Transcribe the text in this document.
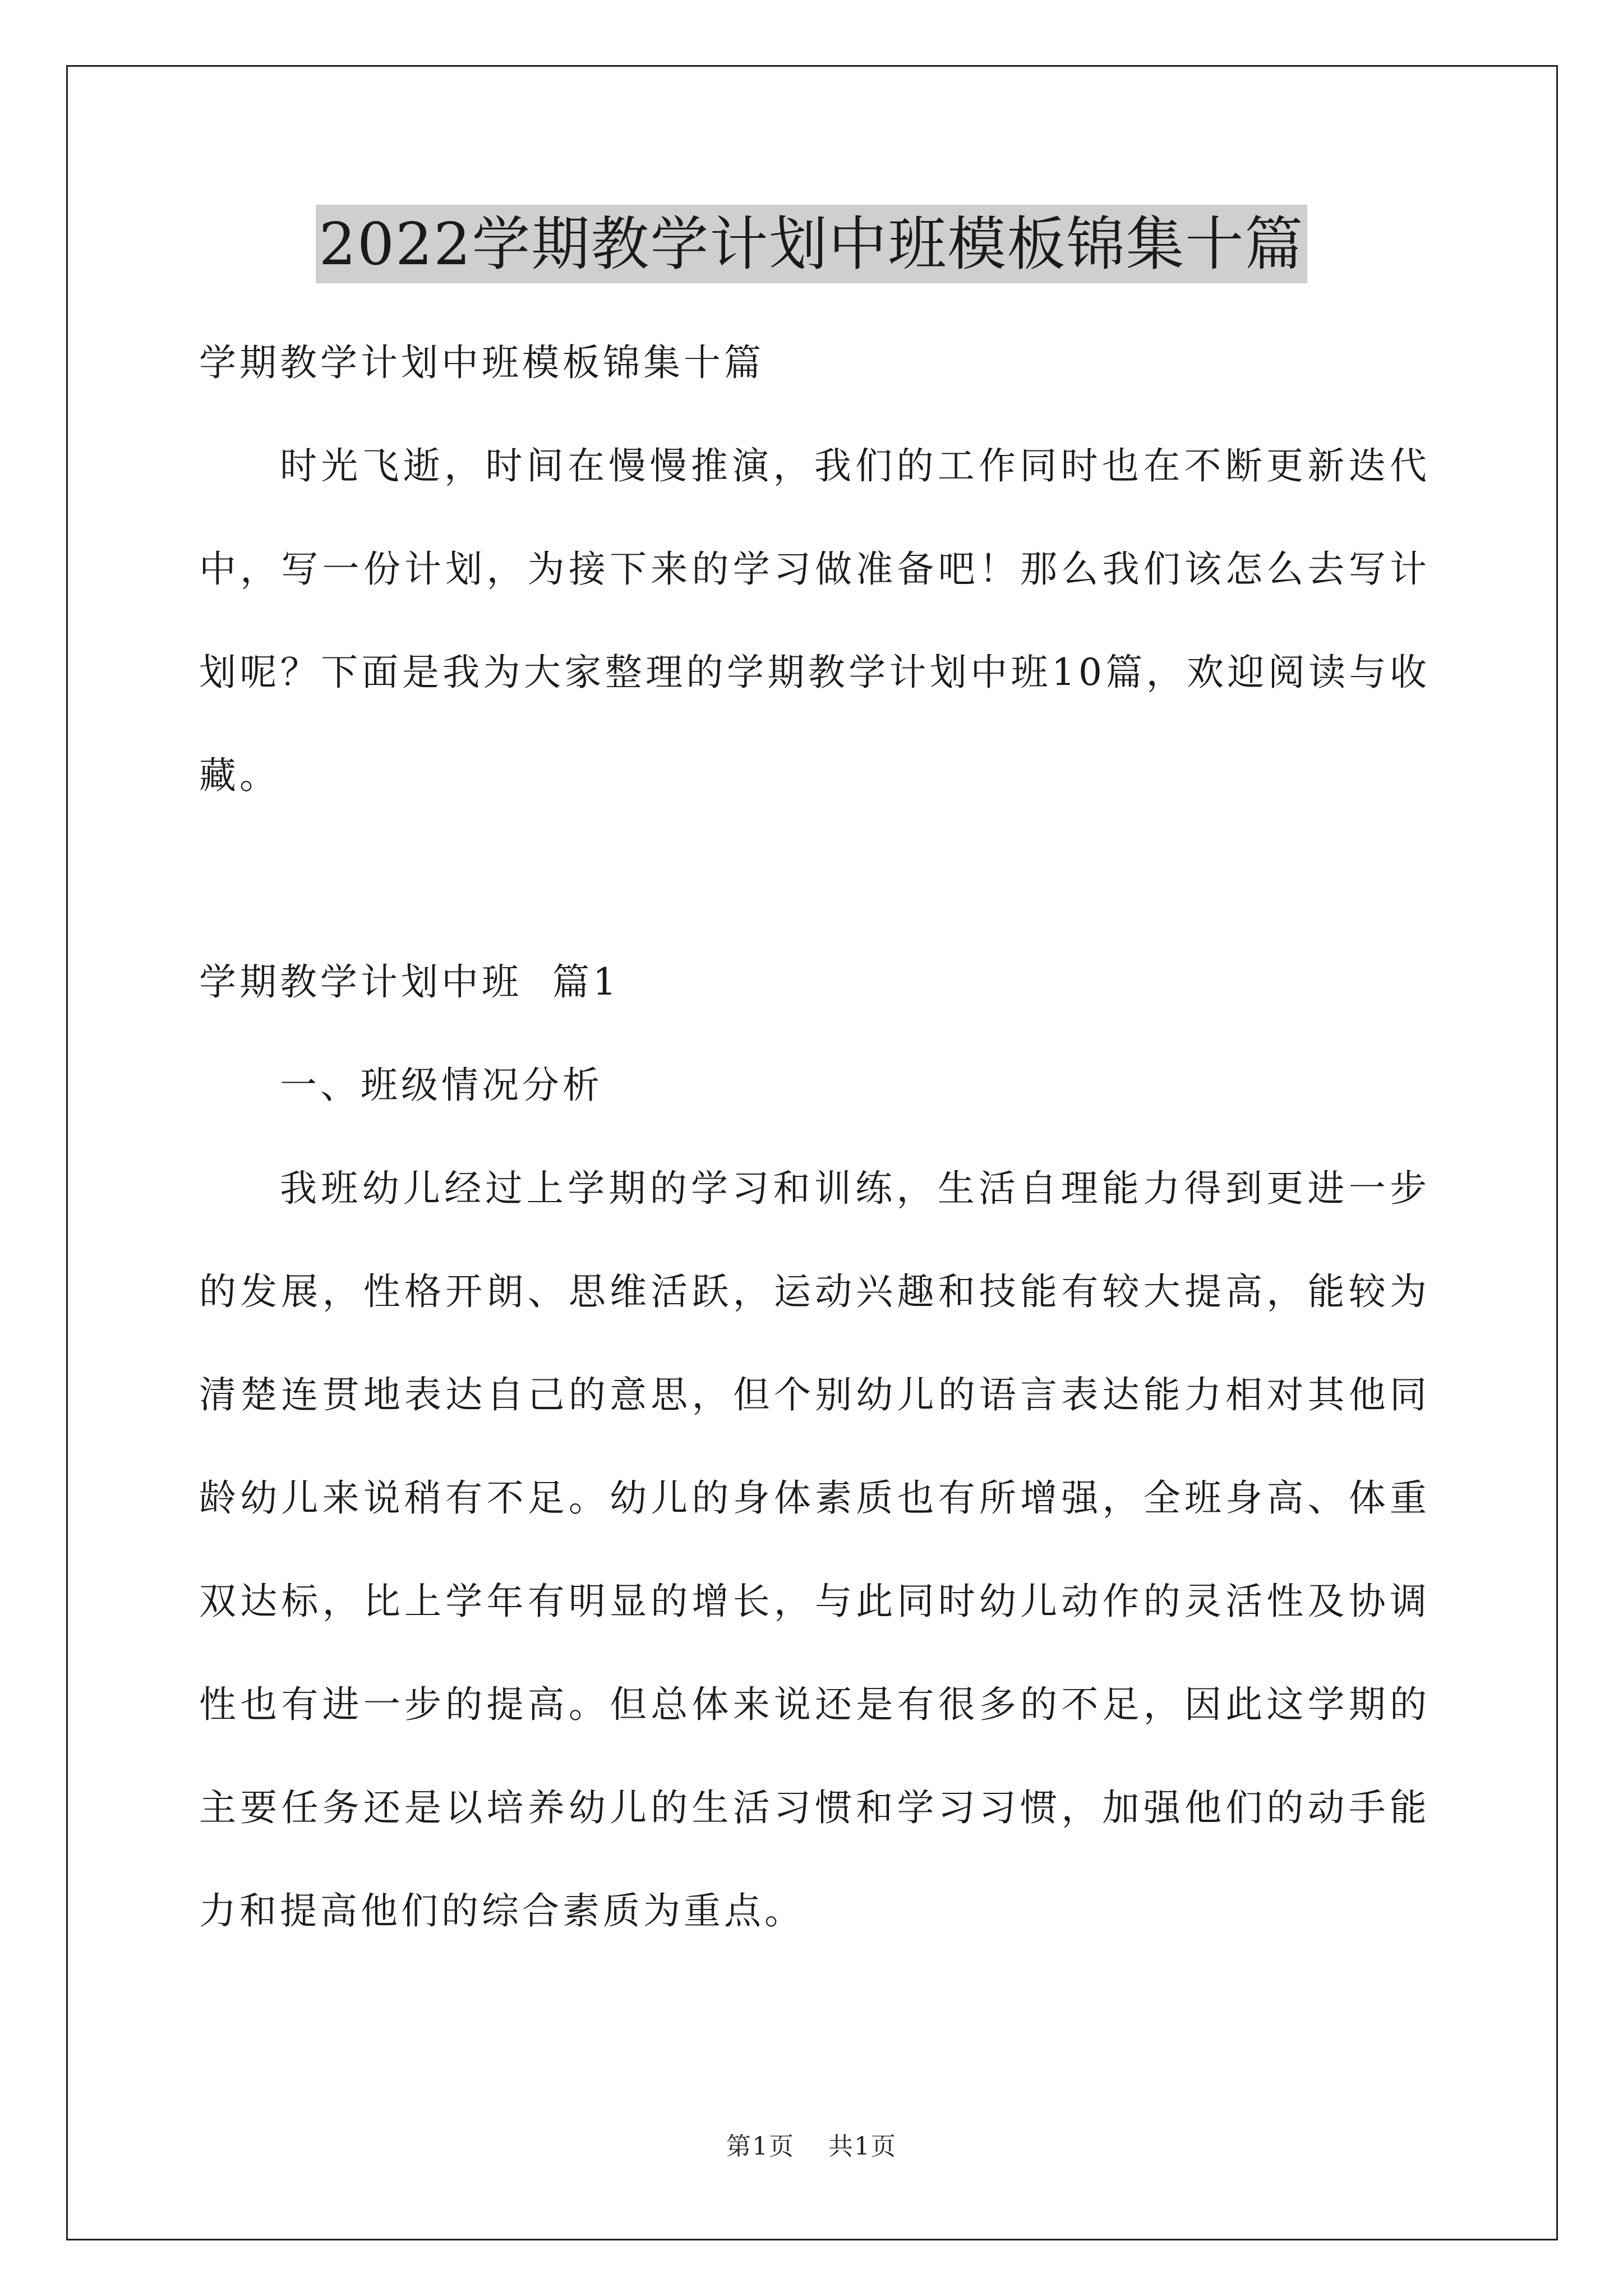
2022学期教学计划中班模板锦集十篇

学期教学计划中班模板锦集十篇

时光飞逝，时间在慢慢推演，我们的工作同时也在不断更新迭代中，写一份计划，为接下来的学习做准备吧！那么我们该怎么去写计划呢？下面是我为大家整理的学期教学计划中班10篇，欢迎阅读与收藏。

学期教学计划中班  篇1

一、班级情况分析

我班幼儿经过上学期的学习和训练，生活自理能力得到更进一步的发展，性格开朗、思维活跃，运动兴趣和技能有较大提高，能较为清楚连贯地表达自己的意思，但个别幼儿的语言表达能力相对其他同龄幼儿来说稍有不足。幼儿的身体素质也有所增强，全班身高、体重双达标，比上学年有明显的增长，与此同时幼儿动作的灵活性及协调性也有进一步的提高。但总体来说还是有很多的不足，因此这学期的主要任务还是以培养幼儿的生活习惯和学习习惯，加强他们的动手能力和提高他们的综合素质为重点。

第1页 共1页
